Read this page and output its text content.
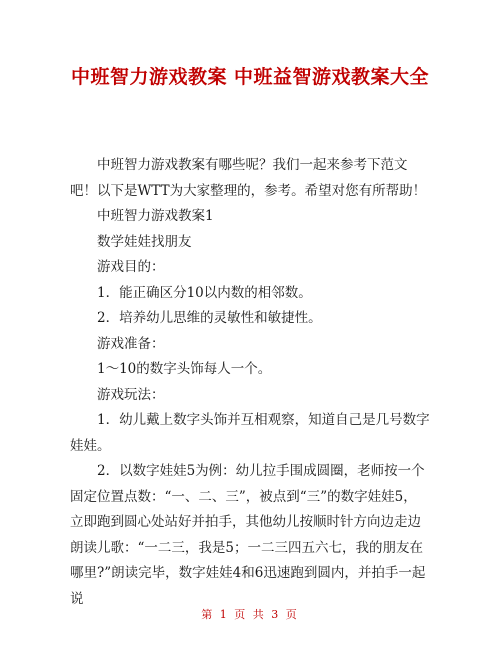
中班智力游戏教案 中班益智游戏教案大全

中班智力游戏教案有哪些呢？我们一起来参考下范文吧！以下是WTT为大家整理的，参考。希望对您有所帮助！

中班智力游戏教案1

数学娃娃找朋友

游戏目的：

1．能正确区分10以内数的相邻数。

2．培养幼儿思维的灵敏性和敏捷性。

游戏准备：

1～10的数字头饰每人一个。

游戏玩法：

1．幼儿戴上数字头饰并互相观察，知道自己是几号数字娃娃。

2．以数字娃娃5为例：幼儿拉手围成圆圈，老师按一个固定位置点数：“一、二、三”，被点到“三”的数字娃娃5，立即跑到圆心处站好并拍手，其他幼儿按顺时针方向边走边朗读儿歌：“一二三，我是5；一二三四五六七，我的朋友在哪里?”朗读完毕，数字娃娃4和6迅速跑到圆内，并拍手一起说

第 1 页 共 3 页
